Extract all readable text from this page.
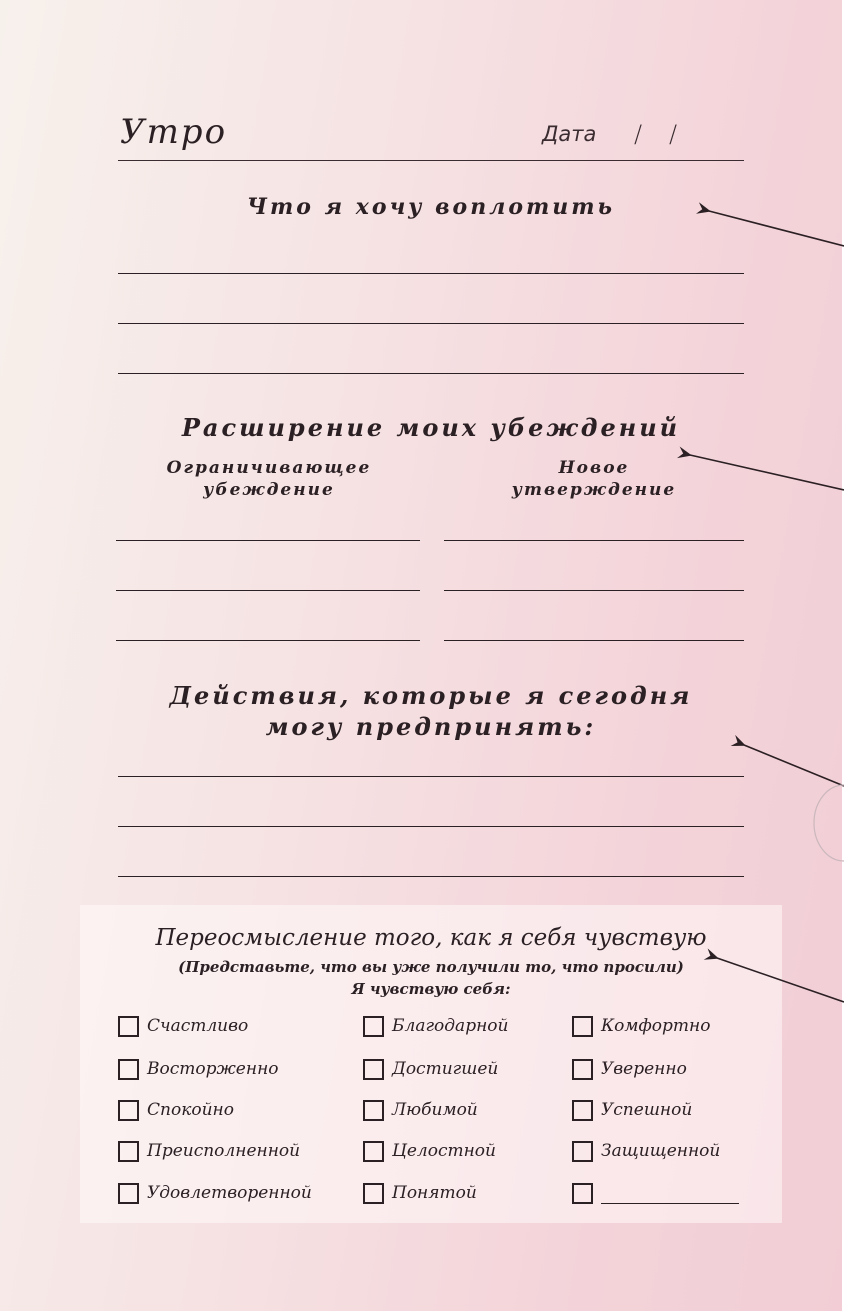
Утро	Дата / /
Что я хочу воплотить
Расширение моих убеждений
Ограничивающее
убеждение
Новое
утверждение
Действия, которые я сегодня
могу предпринять:
Переосмысление того, как я себя чувствую
(Представьте, что вы уже получили то, что просили)
Я чувствую себя:
Счастливо	Благодарной	Комфортно
Восторженно	Достигшей	Уверенно
Спокойно	Любимой	Успешной
Преисполненной	Целостной	Защищенной
Удовлетворенной	Понятой
